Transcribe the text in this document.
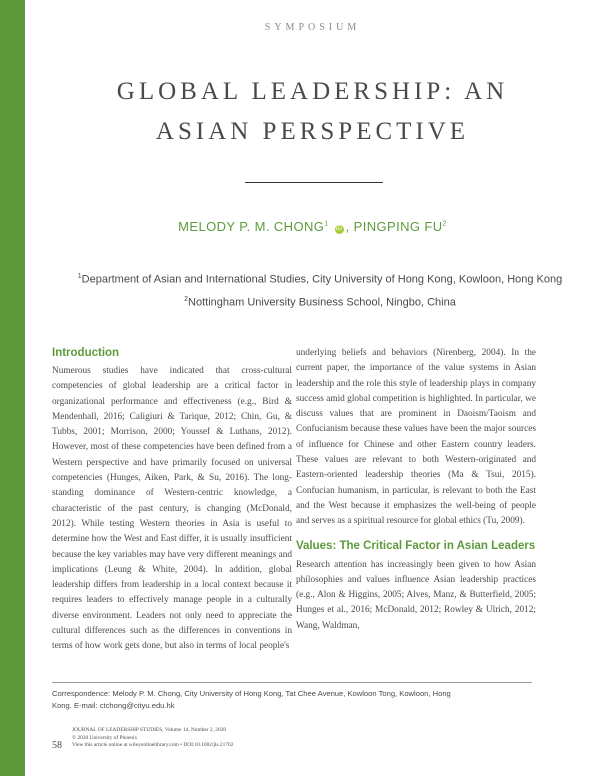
SYMPOSIUM
GLOBAL LEADERSHIP: AN
ASIAN PERSPECTIVE
MELODY P. M. CHONG$^1$ iD , PINGPING $FU^2$
$^1$Department of Asian and International Studies, City University of Hong Kong, Kowloon, Hong Kong
$^2$Nottingham University Business School, Ningbo, China
Introduction

Numerous studies have indicated that cross-cultural competencies of global leadership are a critical factor in organizational performance and effectiveness (e.g., Bird & Mendenhall, 2016; Caligiuri & Tarique, 2012; Chin, Gu, & Tubbs, 2001; Morrison, 2000; Youssef & Luthans, 2012). However, most of these competencies have been defined from a Western perspective and have primarily focused on universal competencies (Hunges, Aiken, Park, & Su, 2016). The long-standing dominance of Western-centric knowledge, a characteristic of the past century, is changing (McDonald, 2012). While testing Western theories in Asia is useful to determine how the West and East differ, it is usually insufficient because the key variables may have very different meanings and implications (Leung & White, 2004). In addition, global leadership differs from leadership in a local context because it requires leaders to effectively manage people in a culturally diverse environment. Leaders not only need to appreciate the cultural differences such as the differences in conventions in terms of how work gets done, but also in terms of local people's

underlying beliefs and behaviors (Nirenberg, 2004). In the current paper, the importance of the value systems in Asian leadership and the role this style of leadership plays in company success amid global competition is highlighted. In particular, we discuss values that are prominent in Daoism/Taoism and Confucianism because these values have been the major sources of influence for Chinese and other Eastern country leaders. These values are relevant to both Western-originated and Eastern-oriented leadership theories (Ma & Tsui, 2015). Confucian humanism, in particular, is relevant to both the East and the West because it emphasizes the well-being of people and serves as a spiritual resource for global ethics (Tu, 2009).

Values: The Critical Factor in Asian Leaders

Research attention has increasingly been given to how Asian philosophies and values influence Asian leadership practices (e.g., Alon & Higgins, 2005; Alves, Manz, & Butterfield, 2005; Hunges et al., 2016; McDonald, 2012; Rowley & Ulrich, 2012; Wang, Waldman,

Correspondence: Melody P. M. Chong, City University of Hong Kong, Tat Chee Avenue, Kowloon Tong, Kowloon, Hong
Kong. E-mail: ctchong@cityu.edu.hk
58
JOURNAL OF LEADERSHIP STUDIES, Volume 14, Number 2, 2020
© 2020 University of Phoenix
View this article online at wileyonlinelibrary.com • DOI:10.1002/jls.21702
